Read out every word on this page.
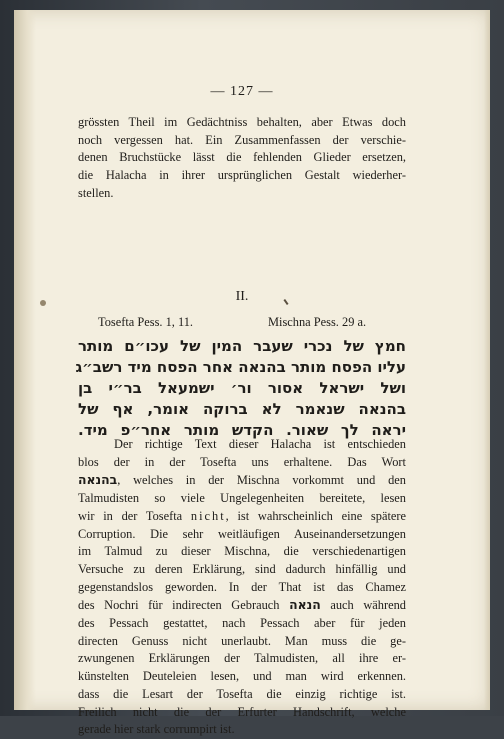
— 127 —
grössten Theil im Gedächtniss behalten, aber Etwas doch
noch vergessen hat. Ein Zusammenfassen der verschie-
denen Bruchstücke lässt die fehlenden Glieder ersetzen,
die Halacha in ihrer ursprünglichen Gestalt wiederher-
stellen.
II.
Tosefta Pess. 1, 11.	Mischna Pess. 29 a.
חמץ של נכרי שעבר המין של עכו״ם מותר
עליו הפסח מותר בהנאה אחר הפסח מיד רשב״ג
ושל ישראל אסור ור׳ ישמעאל בר״י בן
בהנאה שנאמר לא ברוקה אומר, אף של
יראה לך שאור. הקדש מותר אחר״פ מיד.
Der richtige Text dieser Halacha ist entschieden
blos der in der Tosefta uns erhaltene. Das Wort
בהנאה, welches in der Mischna vorkommt und den
Talmudisten so viele Ungelegenheiten bereitete, lesen
wir in der Tosefta nicht, ist wahrscheinlich eine spätere
Corruption. Die sehr weitläufigen Auseinandersetzungen
im Talmud zu dieser Mischna, die verschiedenartigen
Versuche zu deren Erklärung, sind dadurch hinfällig und
gegenstandslos geworden. In der That ist das Chamez
des Nochri für indirecten Gebrauch הנאה auch während
des Pessach gestattet, nach Pessach aber für jeden
directen Genuss nicht unerlaubt. Man muss die ge-
zwungenen Erklärungen der Talmudisten, all ihre er-
künstelten Deuteleien lesen, und man wird erkennen.
dass die Lesart der Tosefta die einzig richtige ist.
Freilich nicht die der Erfurter Handschrift, welche
gerade hier stark corrumpirt ist.
